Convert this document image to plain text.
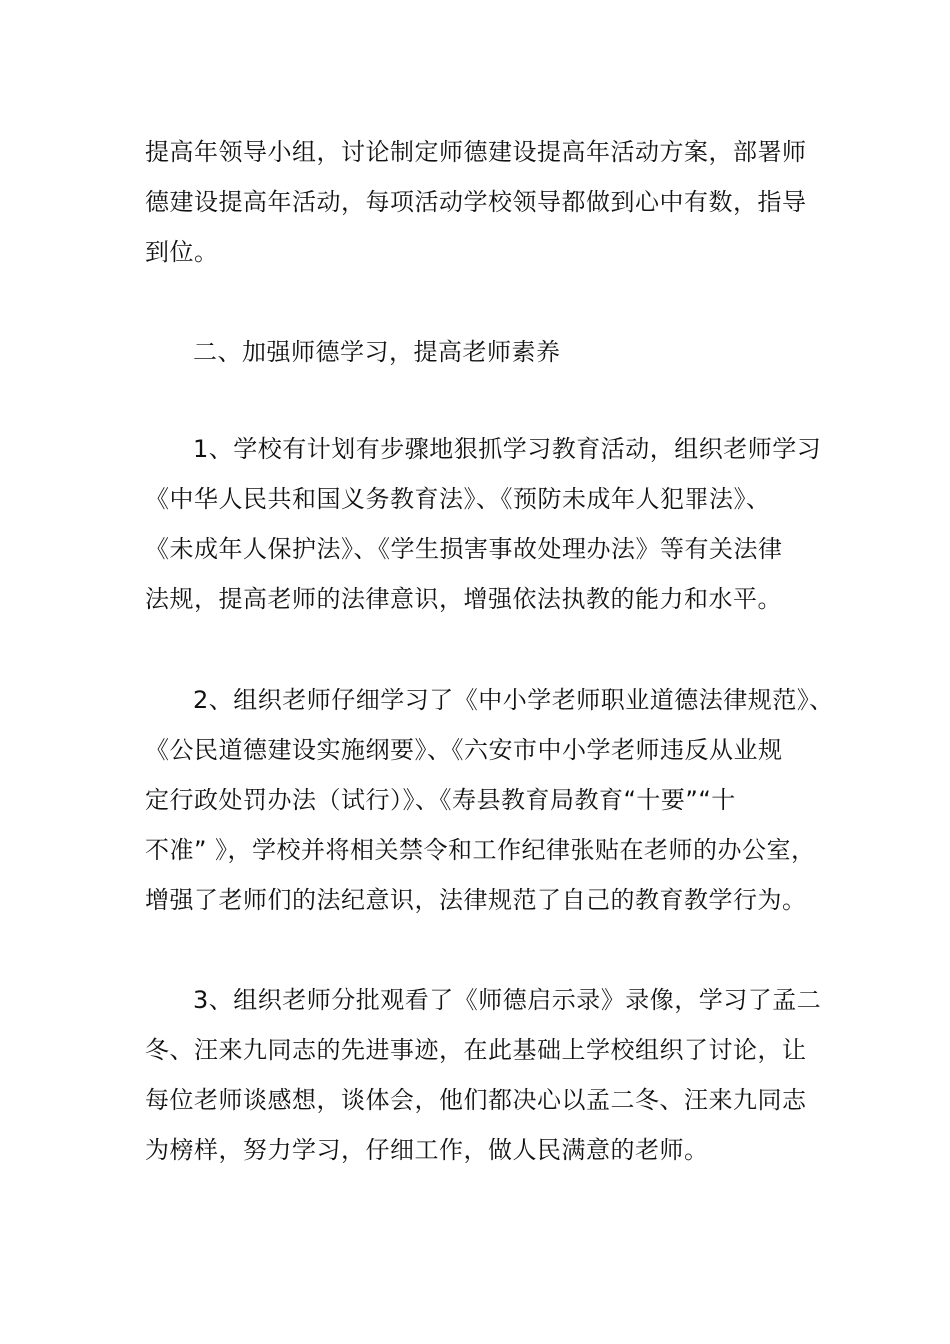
提高年领导小组，讨论制定师德建设提高年活动方案，部署师
德建设提高年活动，每项活动学校领导都做到心中有数，指导
到位。

二、加强师德学习，提高老师素养

1、学校有计划有步骤地狠抓学习教育活动，组织老师学习
《中华人民共和国义务教育法》、《预防未成年人犯罪法》、
《未成年人保护法》、《学生损害事故处理办法》等有关法律
法规，提高老师的法律意识，增强依法执教的能力和水平。

2、组织老师仔细学习了《中小学老师职业道德法律规范》、
《公民道德建设实施纲要》、《六安市中小学老师违反从业规
定行政处罚办法（试行）》、《寿县教育局教育“十要”“十
不准” 》，学校并将相关禁令和工作纪律张贴在老师的办公室，
增强了老师们的法纪意识，法律规范了自己的教育教学行为。

3、组织老师分批观看了《师德启示录》录像，学习了孟二
冬、汪来九同志的先进事迹，在此基础上学校组织了讨论，让
每位老师谈感想，谈体会，他们都决心以孟二冬、汪来九同志
为榜样，努力学习，仔细工作，做人民满意的老师。
